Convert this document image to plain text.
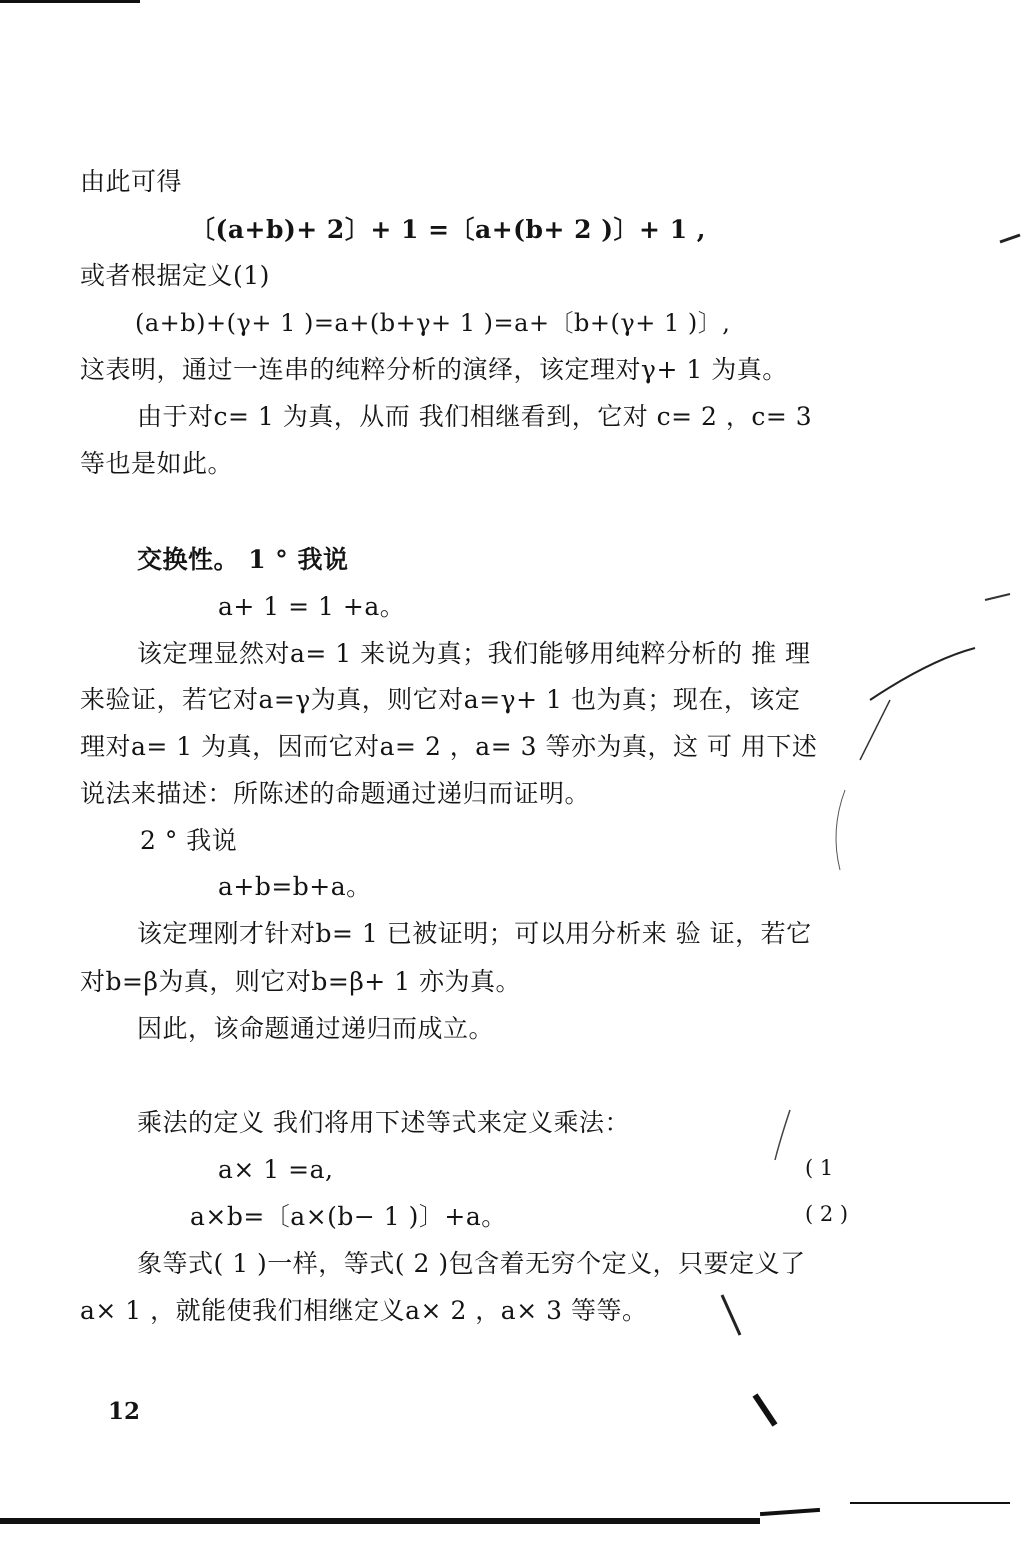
由此可得
〔(a+b)+ 2〕+ 1 =〔a+(b+ 2 )〕+ 1 ,
或者根据定义(1)
(a+b)+(γ+ 1 )=a+(b+γ+ 1 )=a+〔b+(γ+ 1 )〕,
这表明，通过一连串的纯粹分析的演绎，该定理对γ+ 1 为真。
由于对c= 1 为真，从而 我们相继看到，它对 c= 2 ，c= 3
等也是如此。
交换性。 1 ° 我说
a+ 1 = 1 +a。
该定理显然对a= 1 来说为真；我们能够用纯粹分析的 推 理
来验证，若它对a=γ为真，则它对a=γ+ 1 也为真；现在，该定
理对a= 1 为真，因而它对a= 2 ，a= 3 等亦为真，这 可 用下述
说法来描述：所陈述的命题通过递归而证明。
2 ° 我说
a+b=b+a。
该定理刚才针对b= 1 已被证明；可以用分析来 验 证，若它
对b=β为真，则它对b=β+ 1 亦为真。
因此，该命题通过递归而成立。
乘法的定义 我们将用下述等式来定义乘法：
a× 1 =a,
a×b=〔a×(b− 1 )〕+a。
象等式( 1 )一样，等式( 2 )包含着无穷个定义，只要定义了
a× 1 ，就能使我们相继定义a× 2 ，a× 3 等等。
( 1
( 2 )
12
